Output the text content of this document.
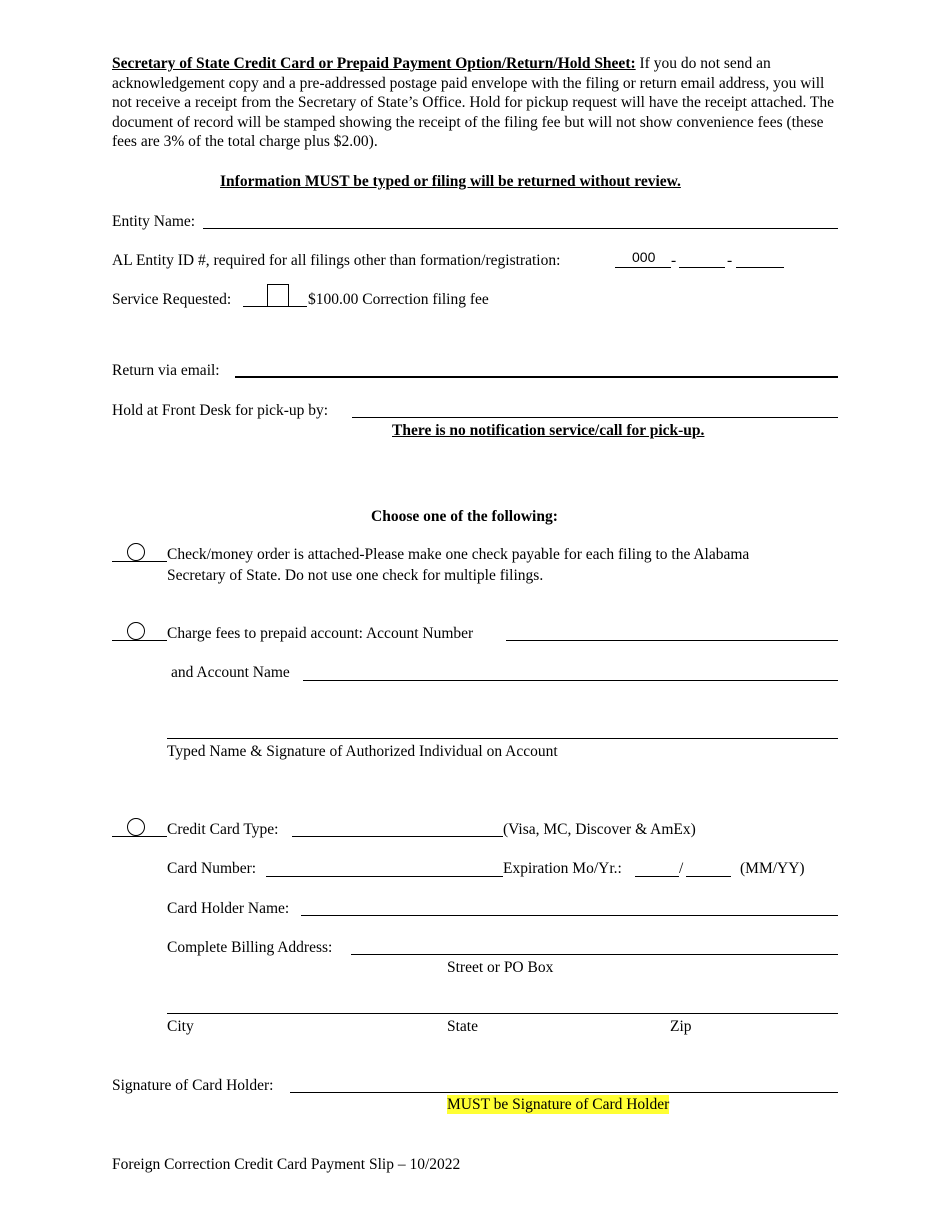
Secretary of State Credit Card or Prepaid Payment Option/Return/Hold Sheet: If you do not send an acknowledgement copy and a pre-addressed postage paid envelope with the filing or return email address, you will not receive a receipt from the Secretary of State’s Office. Hold for pickup request will have the receipt attached. The document of record will be stamped showing the receipt of the filing fee but will not show convenience fees (these fees are 3% of the total charge plus $2.00).
Information MUST be typed or filing will be returned without review.
Entity Name:
AL Entity ID #, required for all filings other than formation/registration:	000 -	-
Service Requested:	$100.00 Correction filing fee
Return via email:
Hold at Front Desk for pick-up by:
There is no notification service/call for pick-up.
Choose one of the following:
Check/money order is attached-Please make one check payable for each filing to the Alabama
Secretary of State. Do not use one check for multiple filings.
Charge fees to prepaid account: Account Number
and Account Name
Typed Name & Signature of Authorized Individual on Account
Credit Card Type:	(Visa, MC, Discover & AmEx)
Card Number:	Expiration Mo/Yr.:	/	(MM/YY)
Card Holder Name:
Complete Billing Address:
Street or PO Box
City	State	Zip
Signature of Card Holder:
MUST be Signature of Card Holder
Foreign Correction Credit Card Payment Slip – 10/2022
